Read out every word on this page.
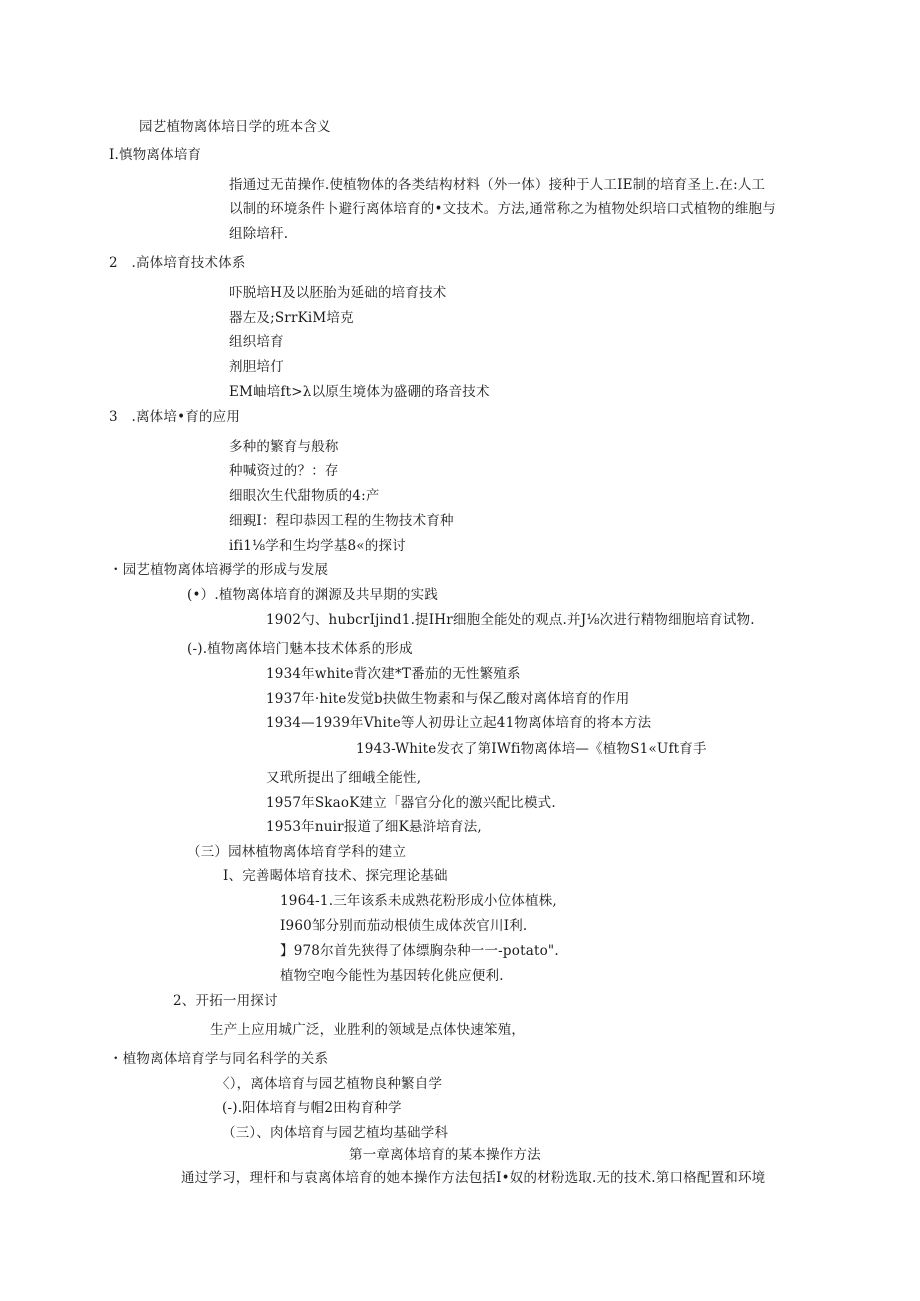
园艺植物离体培日学的班本含义
I.慎物离体培育
指通过无苗操作.使植物体的各类结构材料（外一体）接种于人工IE制的培育圣上.在:人工
以制的环境条件卜避行离体培育的•文技术。方法,通常称之为植物处织培口式植物的维胞与
组除培秆.
2　.高体培育技术体系
吓脱培H及以胚胎为延础的培育技术
器左及;SrrKiM培克
组织培育
剂胆培仃
EM岫培ft>λ以原生境体为盛硼的珞音技术
3　.离体培•育的应用
多种的繁育与般称
种喊资过的？：存
细眼次生代甜物质的4:产
细覡I：程印恭因工程的生物技术育种
ifi1⅛学和生均学基8«的探讨
・园艺植物离体培褥学的形成与发展
(•）.植物离体培育的渊源及共早期的实践
1902勺、hubcrIjind1.提IHr细胞全能处的观点.并J⅛次进行精物细胞培育试物.
(-).植物离体培门魅本技术体系的形成
1934年white背次建*T番茄的无性繁殖系
1937年·hite发觉b抉做生物素和与保乙酸对离体培育的作用
1934—1939年Vhite等人初毋让立起41物离体培育的将本方法
1943-White发衣了第IWfi物离体培—《植物S1«Uft育手
又玳所提出了细峨全能性,
1957年SkaoK建立「器官分化的激兴配比模式.
1953年nuir报道了细K悬浒培育法,
（三）园林植物离体培育学科的建立
I、完善暍体培育技术、探完理论基础
1964-1.三年该系未成熟花粉形成小位体植株,
I960邹分别而茄动根侦生成体茨官川I利.
】978尔首先狭得了体缥胸杂种一一-potato".
植物空咆今能性为基因转化佻应便利.
2、开拓一用探讨
生产上应用城广泛，业胜利的领域是点体快速笨殖，
・植物离体培育学与同名科学的关系
〈），离体培育与园艺植物良种繁自学
(-).阳体培育与帽2田构育种学
（三）、肉体培育与园艺植均基础学科
第一章离体培育的某本操作方法
通过学习，理杆和与袁离体培育的她本操作方法包括I•奴的材粉选取.无的技术.第口格配置和环境
